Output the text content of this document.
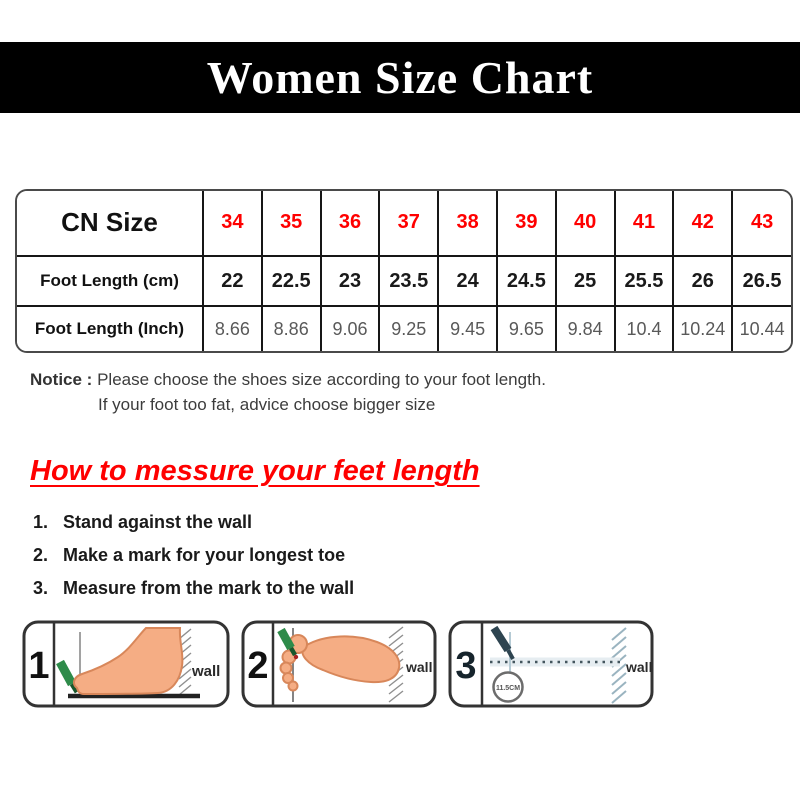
Women Size Chart
CN Size	34	35	36	37	38	39	40	41	42	43
Foot Length (cm)	22	22.5	23	23.5	24	24.5	25	25.5	26	26.5
Foot Length (Inch)	8.66	8.86	9.06	9.25	9.45	9.65	9.84	10.4	10.24	10.44
Notice : Please choose the shoes size according to your foot length.
If your foot too fat, advice choose bigger size
How to messure your feet length
1. Stand against the wall
2. Make a mark for your longest toe
3. Measure from the mark to the wall
1	wall 2	wall 3
11.5CM
wall
